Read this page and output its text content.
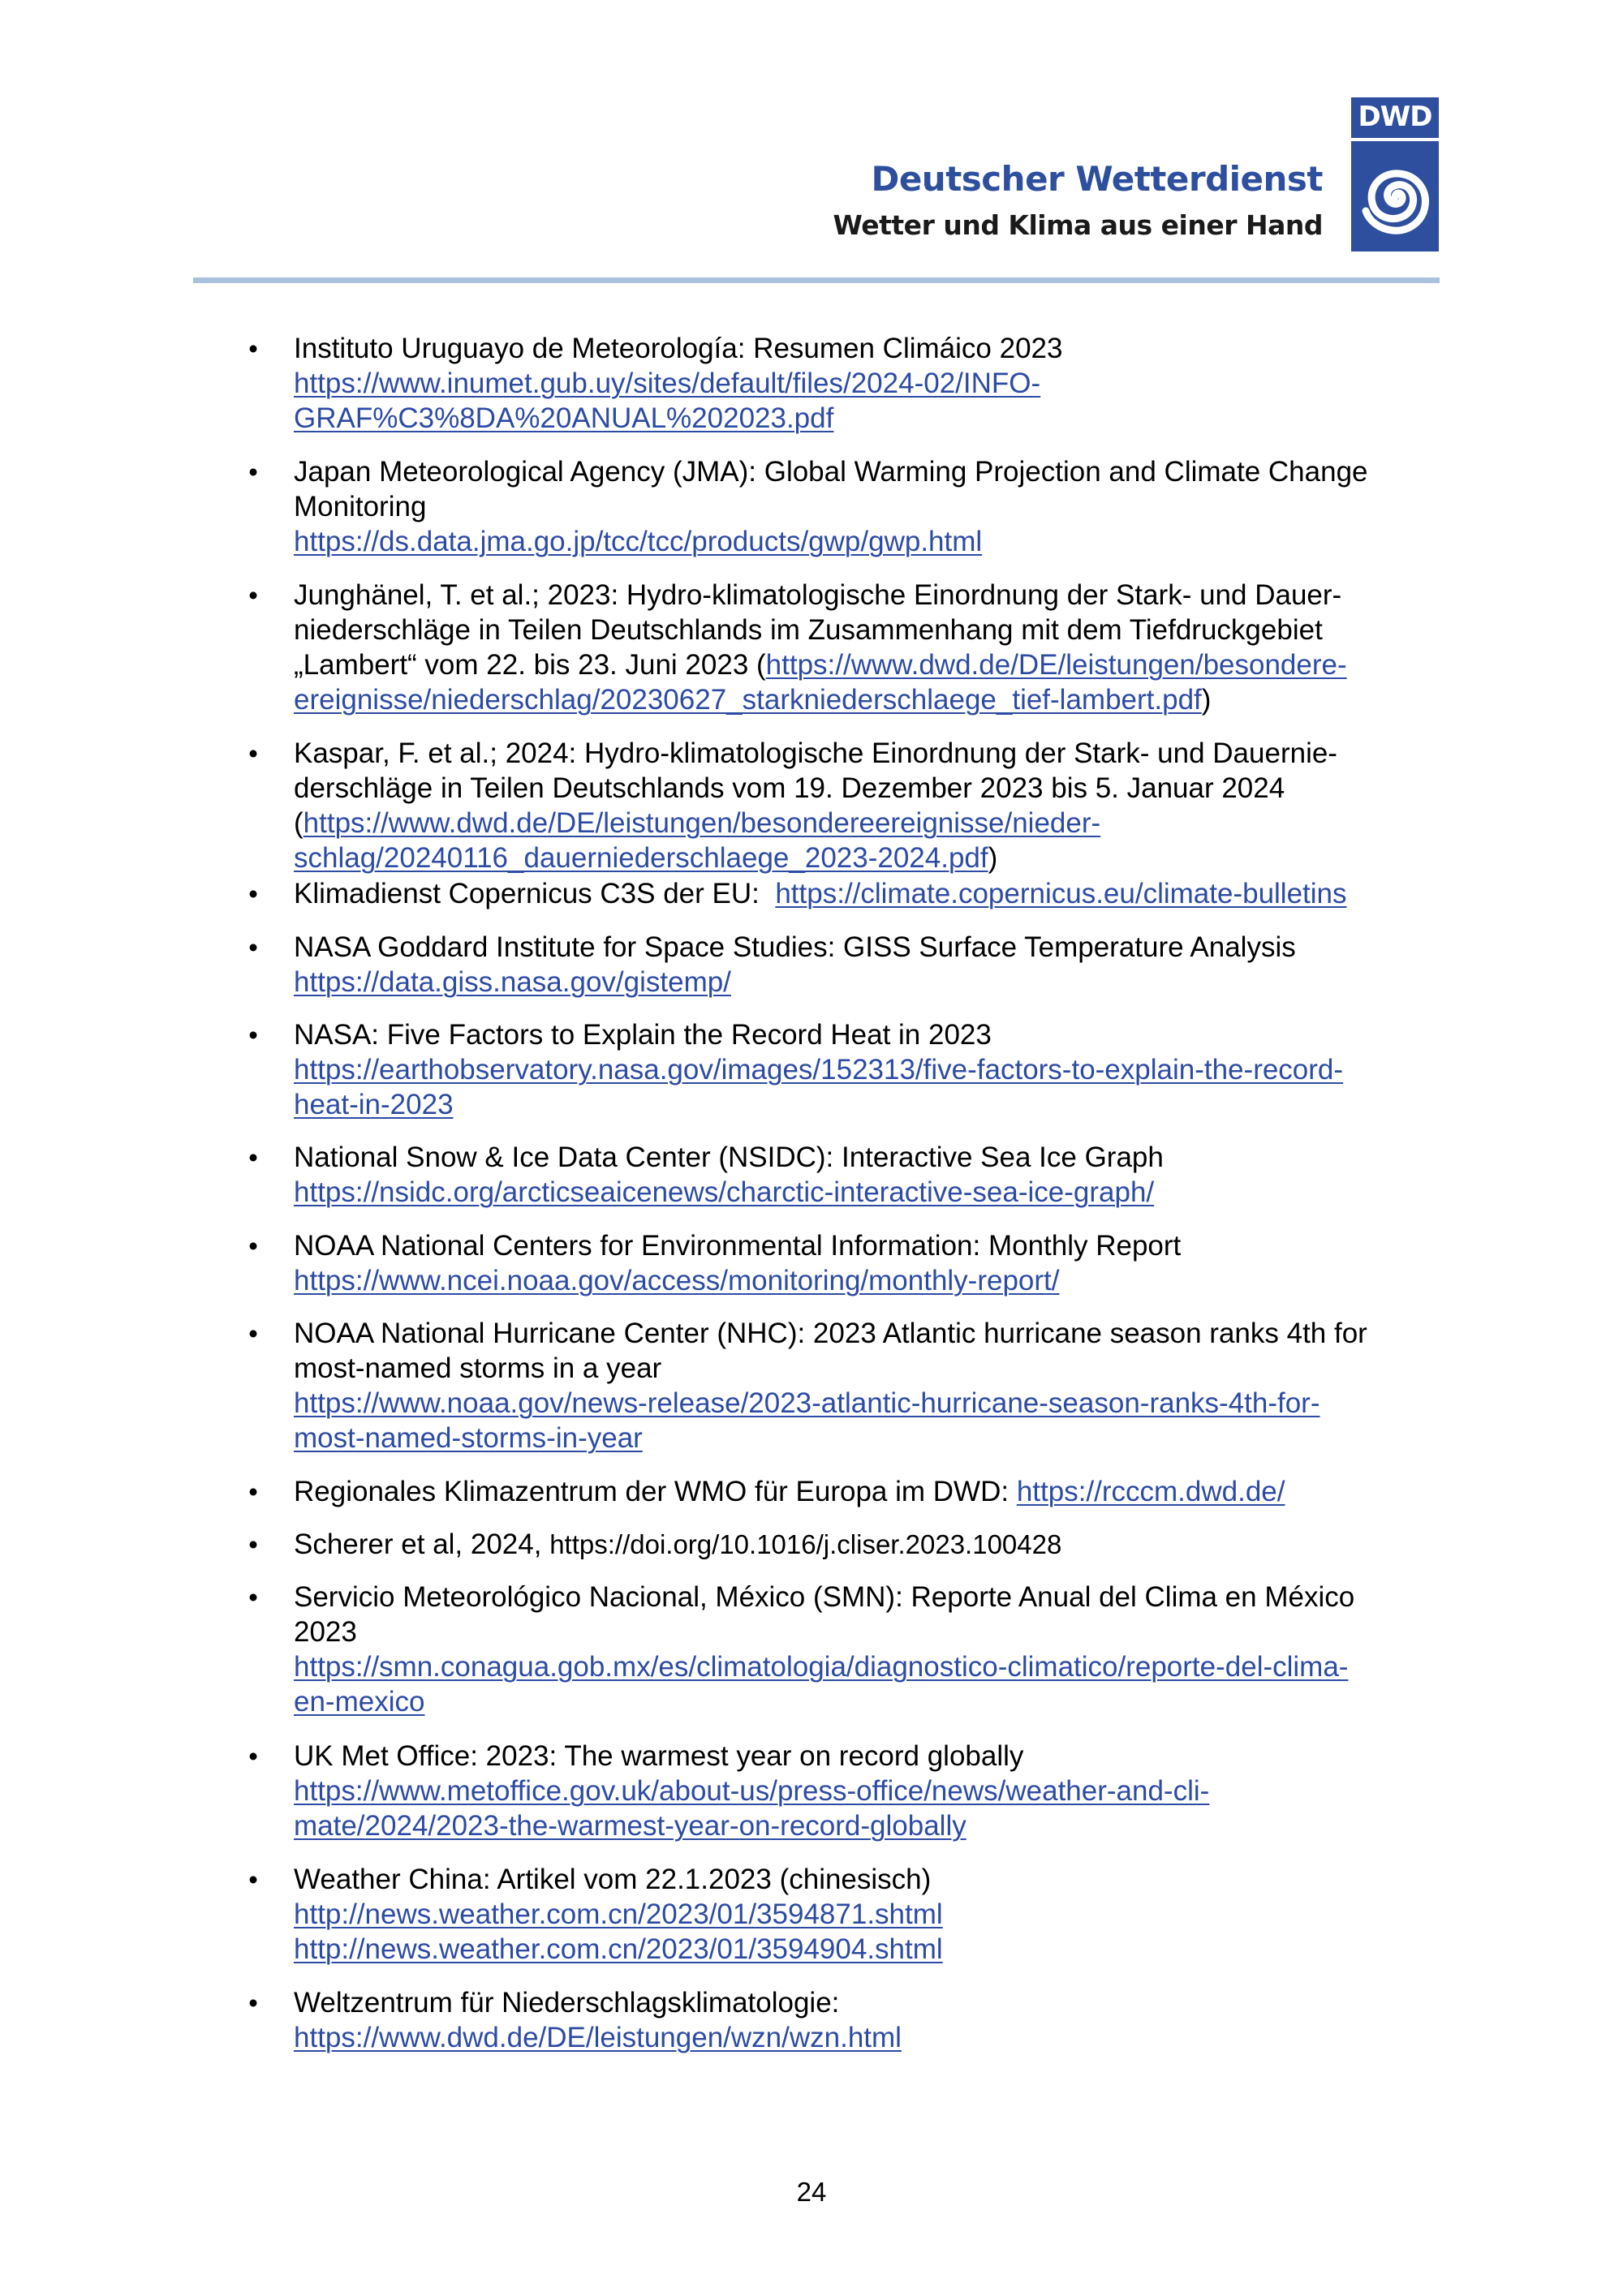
Deutscher Wetterdienst
Wetter und Klima aus einer Hand
DWD
• Instituto Uruguayo de Meteorología: Resumen Climáico 2023
https://www.inumet.gub.uy/sites/default/files/2024-02/INFO-
GRAF%C3%8DA%20ANUAL%202023.pdf
• Japan Meteorological Agency (JMA): Global Warming Projection and Climate Change
Monitoring
https://ds.data.jma.go.jp/tcc/tcc/products/gwp/gwp.html
• Junghänel, T. et al.; 2023: Hydro-klimatologische Einordnung der Stark- und Dauer-
niederschläge in Teilen Deutschlands im Zusammenhang mit dem Tiefdruckgebiet
„Lambert“ vom 22. bis 23. Juni 2023 (https://www.dwd.de/DE/leistungen/besondere-
ereignisse/niederschlag/20230627_starkniederschlaege_tief-lambert.pdf)
• Kaspar, F. et al.; 2024: Hydro-klimatologische Einordnung der Stark- und Dauernie-
derschläge in Teilen Deutschlands vom 19. Dezember 2023 bis 5. Januar 2024
(https://www.dwd.de/DE/leistungen/besondereereignisse/nieder-
schlag/20240116_dauerniederschlaege_2023-2024.pdf)
• Klimadienst Copernicus C3S der EU:  https://climate.copernicus.eu/climate-bulletins
• NASA Goddard Institute for Space Studies: GISS Surface Temperature Analysis
https://data.giss.nasa.gov/gistemp/
• NASA: Five Factors to Explain the Record Heat in 2023
https://earthobservatory.nasa.gov/images/152313/five-factors-to-explain-the-record-
heat-in-2023
• National Snow & Ice Data Center (NSIDC): Interactive Sea Ice Graph
https://nsidc.org/arcticseaicenews/charctic-interactive-sea-ice-graph/
• NOAA National Centers for Environmental Information: Monthly Report
https://www.ncei.noaa.gov/access/monitoring/monthly-report/
• NOAA National Hurricane Center (NHC): 2023 Atlantic hurricane season ranks 4th for
most-named storms in a year
https://www.noaa.gov/news-release/2023-atlantic-hurricane-season-ranks-4th-for-
most-named-storms-in-year
• Regionales Klimazentrum der WMO für Europa im DWD: https://rcccm.dwd.de/
• Scherer et al, 2024, https://doi.org/10.1016/j.cliser.2023.100428
• Servicio Meteorológico Nacional, México (SMN): Reporte Anual del Clima en México
2023
https://smn.conagua.gob.mx/es/climatologia/diagnostico-climatico/reporte-del-clima-
en-mexico
• UK Met Office: 2023: The warmest year on record globally
https://www.metoffice.gov.uk/about-us/press-office/news/weather-and-cli-
mate/2024/2023-the-warmest-year-on-record-globally
• Weather China: Artikel vom 22.1.2023 (chinesisch)
http://news.weather.com.cn/2023/01/3594871.shtml
http://news.weather.com.cn/2023/01/3594904.shtml
• Weltzentrum für Niederschlagsklimatologie:
https://www.dwd.de/DE/leistungen/wzn/wzn.html
24
